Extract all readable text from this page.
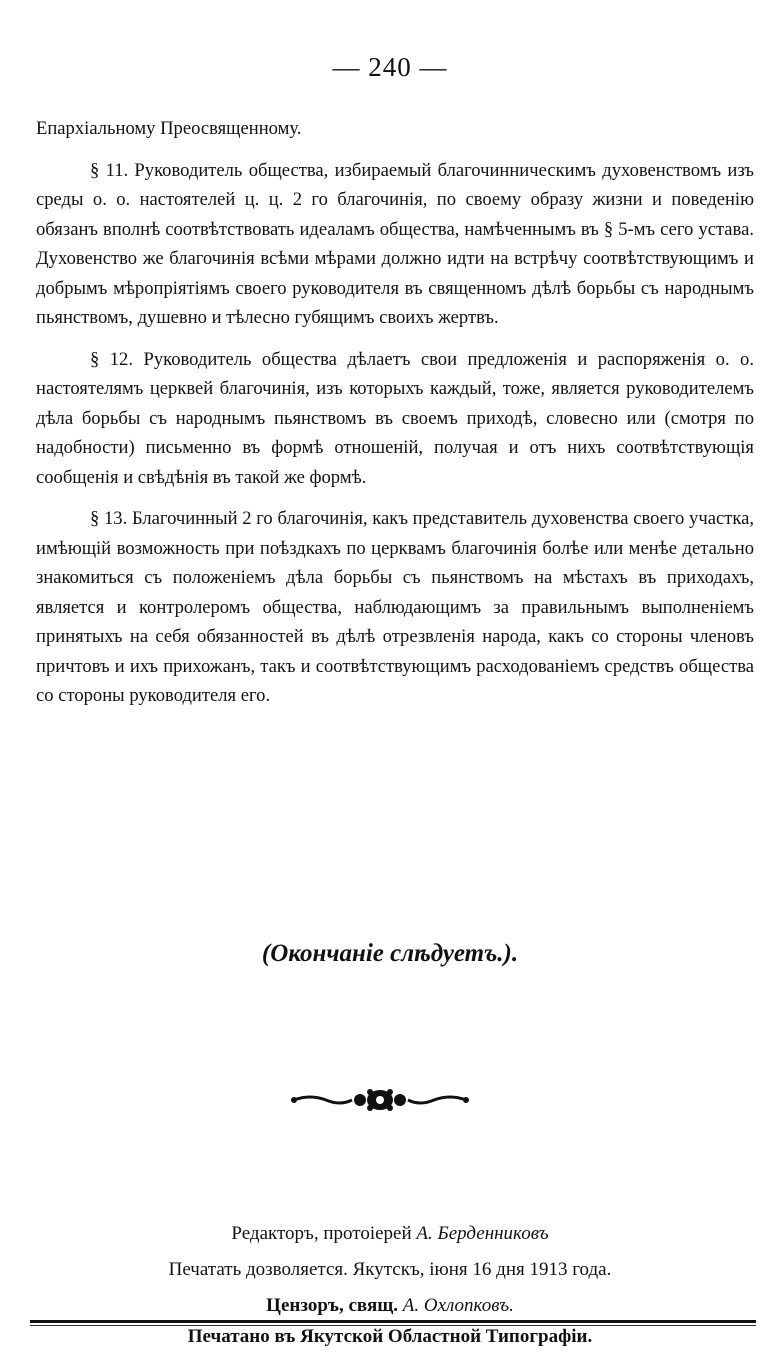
— 240 —

Епархіальному Преосвященному.

§ 11. Руководитель общества, избираемый благочинническимъ духовенствомъ изъ среды о. о. настоятелей ц. ц. 2 го благочинія, по своему образу жизни и поведенію обязанъ вполнѣ соотвѣтствовать идеаламъ общества, намѣченнымъ въ § 5-мъ сего устава. Духовенство же благочинія всѣми мѣрами должно идти на встрѣчу соотвѣтствующимъ и добрымъ мѣропріятіямъ своего руководителя въ священномъ дѣлѣ борьбы съ народнымъ пьянствомъ, душевно и тѣлесно губящимъ своихъ жертвъ.

§ 12. Руководитель общества дѣлаетъ свои предложенія и распоряженія о. о. настоятелямъ церквей благочинія, изъ которыхъ каждый, тоже, является руководителемъ дѣла борьбы съ народнымъ пьянствомъ въ своемъ приходѣ, словесно или (смотря по надобности) письменно въ формѣ отношеній, получая и отъ нихъ соотвѣтствующія сообщенія и свѣдѣнія въ такой же формѣ.

§ 13. Благочинный 2 го благочинія, какъ представитель духовенства своего участка, имѣющій возможность при поѣздкахъ по церквамъ благочинія болѣе или менѣе детально знакомиться съ положеніемъ дѣла борьбы съ пьянствомъ на мѣстахъ въ приходахъ, является и контролеромъ общества, наблюдающимъ за правильнымъ выполненіемъ принятыхъ на себя обязанностей въ дѣлѣ отрезвленія народа, какъ со стороны членовъ причтовъ и ихъ прихожанъ, такъ и соотвѣтствующимъ расходованіемъ средствъ общества со стороны руководителя его.

(Окончаніе слѣдуетъ.).
Редакторъ, протоіерей А. Берденниковъ
Печатать дозволяется. Якутскъ, іюня 16 дня 1913 года.
Цензоръ, свящ. А. Охлопковъ.
Печатано въ Якутской Областной Типографіи.
